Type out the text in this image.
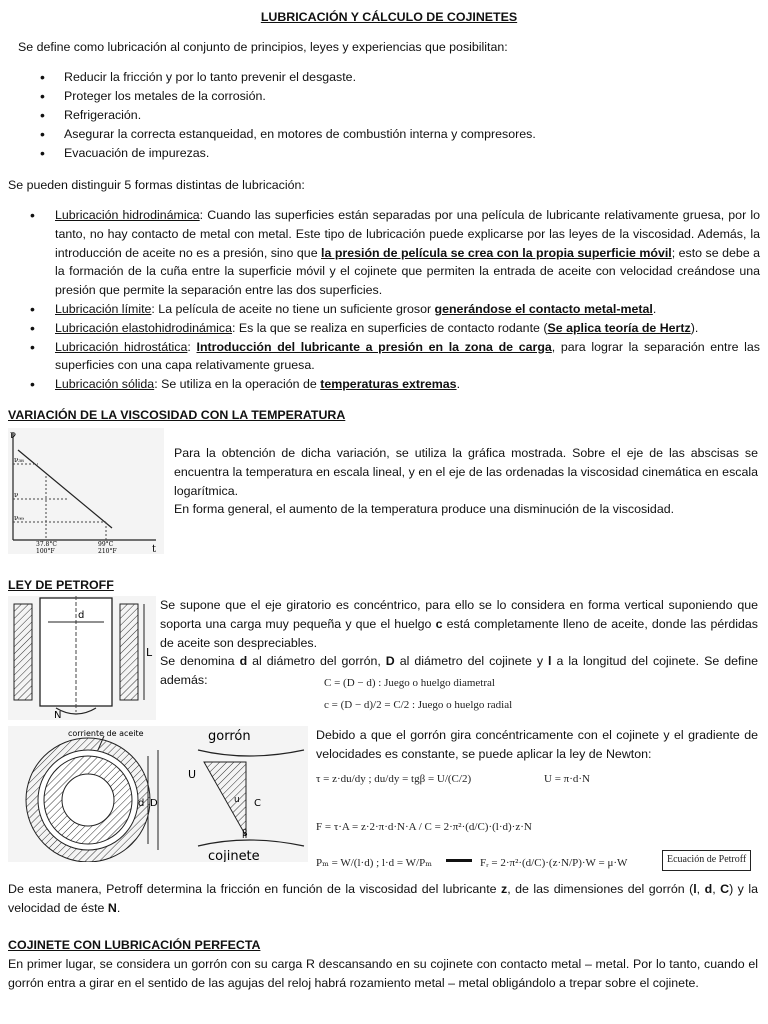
LUBRICACIÓN Y CÁLCULO DE COJINETES
Se define como lubricación al conjunto de principios, leyes y experiencias que posibilitan:
• Reducir la fricción y por lo tanto prevenir el desgaste.
• Proteger los metales de la corrosión.
• Refrigeración.
• Asegurar la correcta estanqueidad, en motores de combustión interna y compresores.
• Evacuación de impurezas.
Se pueden distinguir 5 formas distintas de lubricación:
• Lubricación hidrodinámica: Cuando las superficies están separadas por una película de lubricante relativamente gruesa, por lo tanto, no hay contacto de metal con metal. Este tipo de lubricación puede explicarse por las leyes de la viscosidad. Además, la introducción de aceite no es a presión, sino que la presión de película se crea con la propia superficie móvil; esto se debe a la formación de la cuña entre la superficie móvil y el cojinete que permiten la entrada de aceite con velocidad creándose una presión que permite la separación entre las dos superficies.
• Lubricación límite: La película de aceite no tiene un suficiente grosor generándose el contacto metal-metal.
• Lubricación elastohidrodinámica: Es la que se realiza en superficies de contacto rodante (Se aplica teoría de Hertz).
• Lubricación hidrostática: Introducción del lubricante a presión en la zona de carga, para lograr la separación entre las superficies con una capa relativamente gruesa.
• Lubricación sólida: Se utiliza en la operación de temperaturas extremas.
VARIACIÓN DE LA VISCOSIDAD CON LA TEMPERATURA
ν
t
ν₃₈
ν
ν₉₉
37.8°C	99°C
100°F	210°F
Para la obtención de dicha variación, se utiliza la gráfica mostrada. Sobre el eje de las abscisas se encuentra la temperatura en escala lineal, y en el eje de las ordenadas la viscosidad cinemática en escala logarítmica.
En forma general, el aumento de la temperatura produce una disminución de la viscosidad.
LEY DE PETROFF
d
L
N
Se supone que el eje giratorio es concéntrico, para ello se lo considera en forma vertical suponiendo que soporta una carga muy pequeña y que el huelgo c está completamente lleno de aceite, donde las pérdidas de aceite son despreciables.
Se denomina d al diámetro del gorrón, D al diámetro del cojinete y l a la longitud del cojinete. Se define además:	C = (D − d) : Juego o huelgo diametral
c = (D − d)/2 = C/2 : Juego o huelgo radial
D
d
corriente de aceite	gorrón
U
C
β
u
cojinete
Debido a que el gorrón gira concéntricamente con el cojinete y el gradiente de velocidades es constante, se puede aplicar la ley de Newton:
τ = z·du/dy ; du/dy = tgβ = U/(C/2)	U = π·d·N
F = τ·A = z·2·π·d·N·A / C = 2·π²·(d/C)·(l·d)·z·N
Pₘ = W/(l·d) ; l·d = W/Pₘ	Fᵣ = 2·π²·(d/C)·(z·N/P)·W = μ·W	Ecuación de Petroff
De esta manera, Petroff determina la fricción en función de la viscosidad del lubricante z, de las dimensiones del gorrón (l, d, C) y la velocidad de éste N.
COJINETE CON LUBRICACIÓN PERFECTA
En primer lugar, se considera un gorrón con su carga R descansando en su cojinete con contacto metal – metal. Por lo tanto, cuando el gorrón entra a girar en el sentido de las agujas del reloj habrá rozamiento metal – metal obligándolo a trepar sobre el cojinete.
